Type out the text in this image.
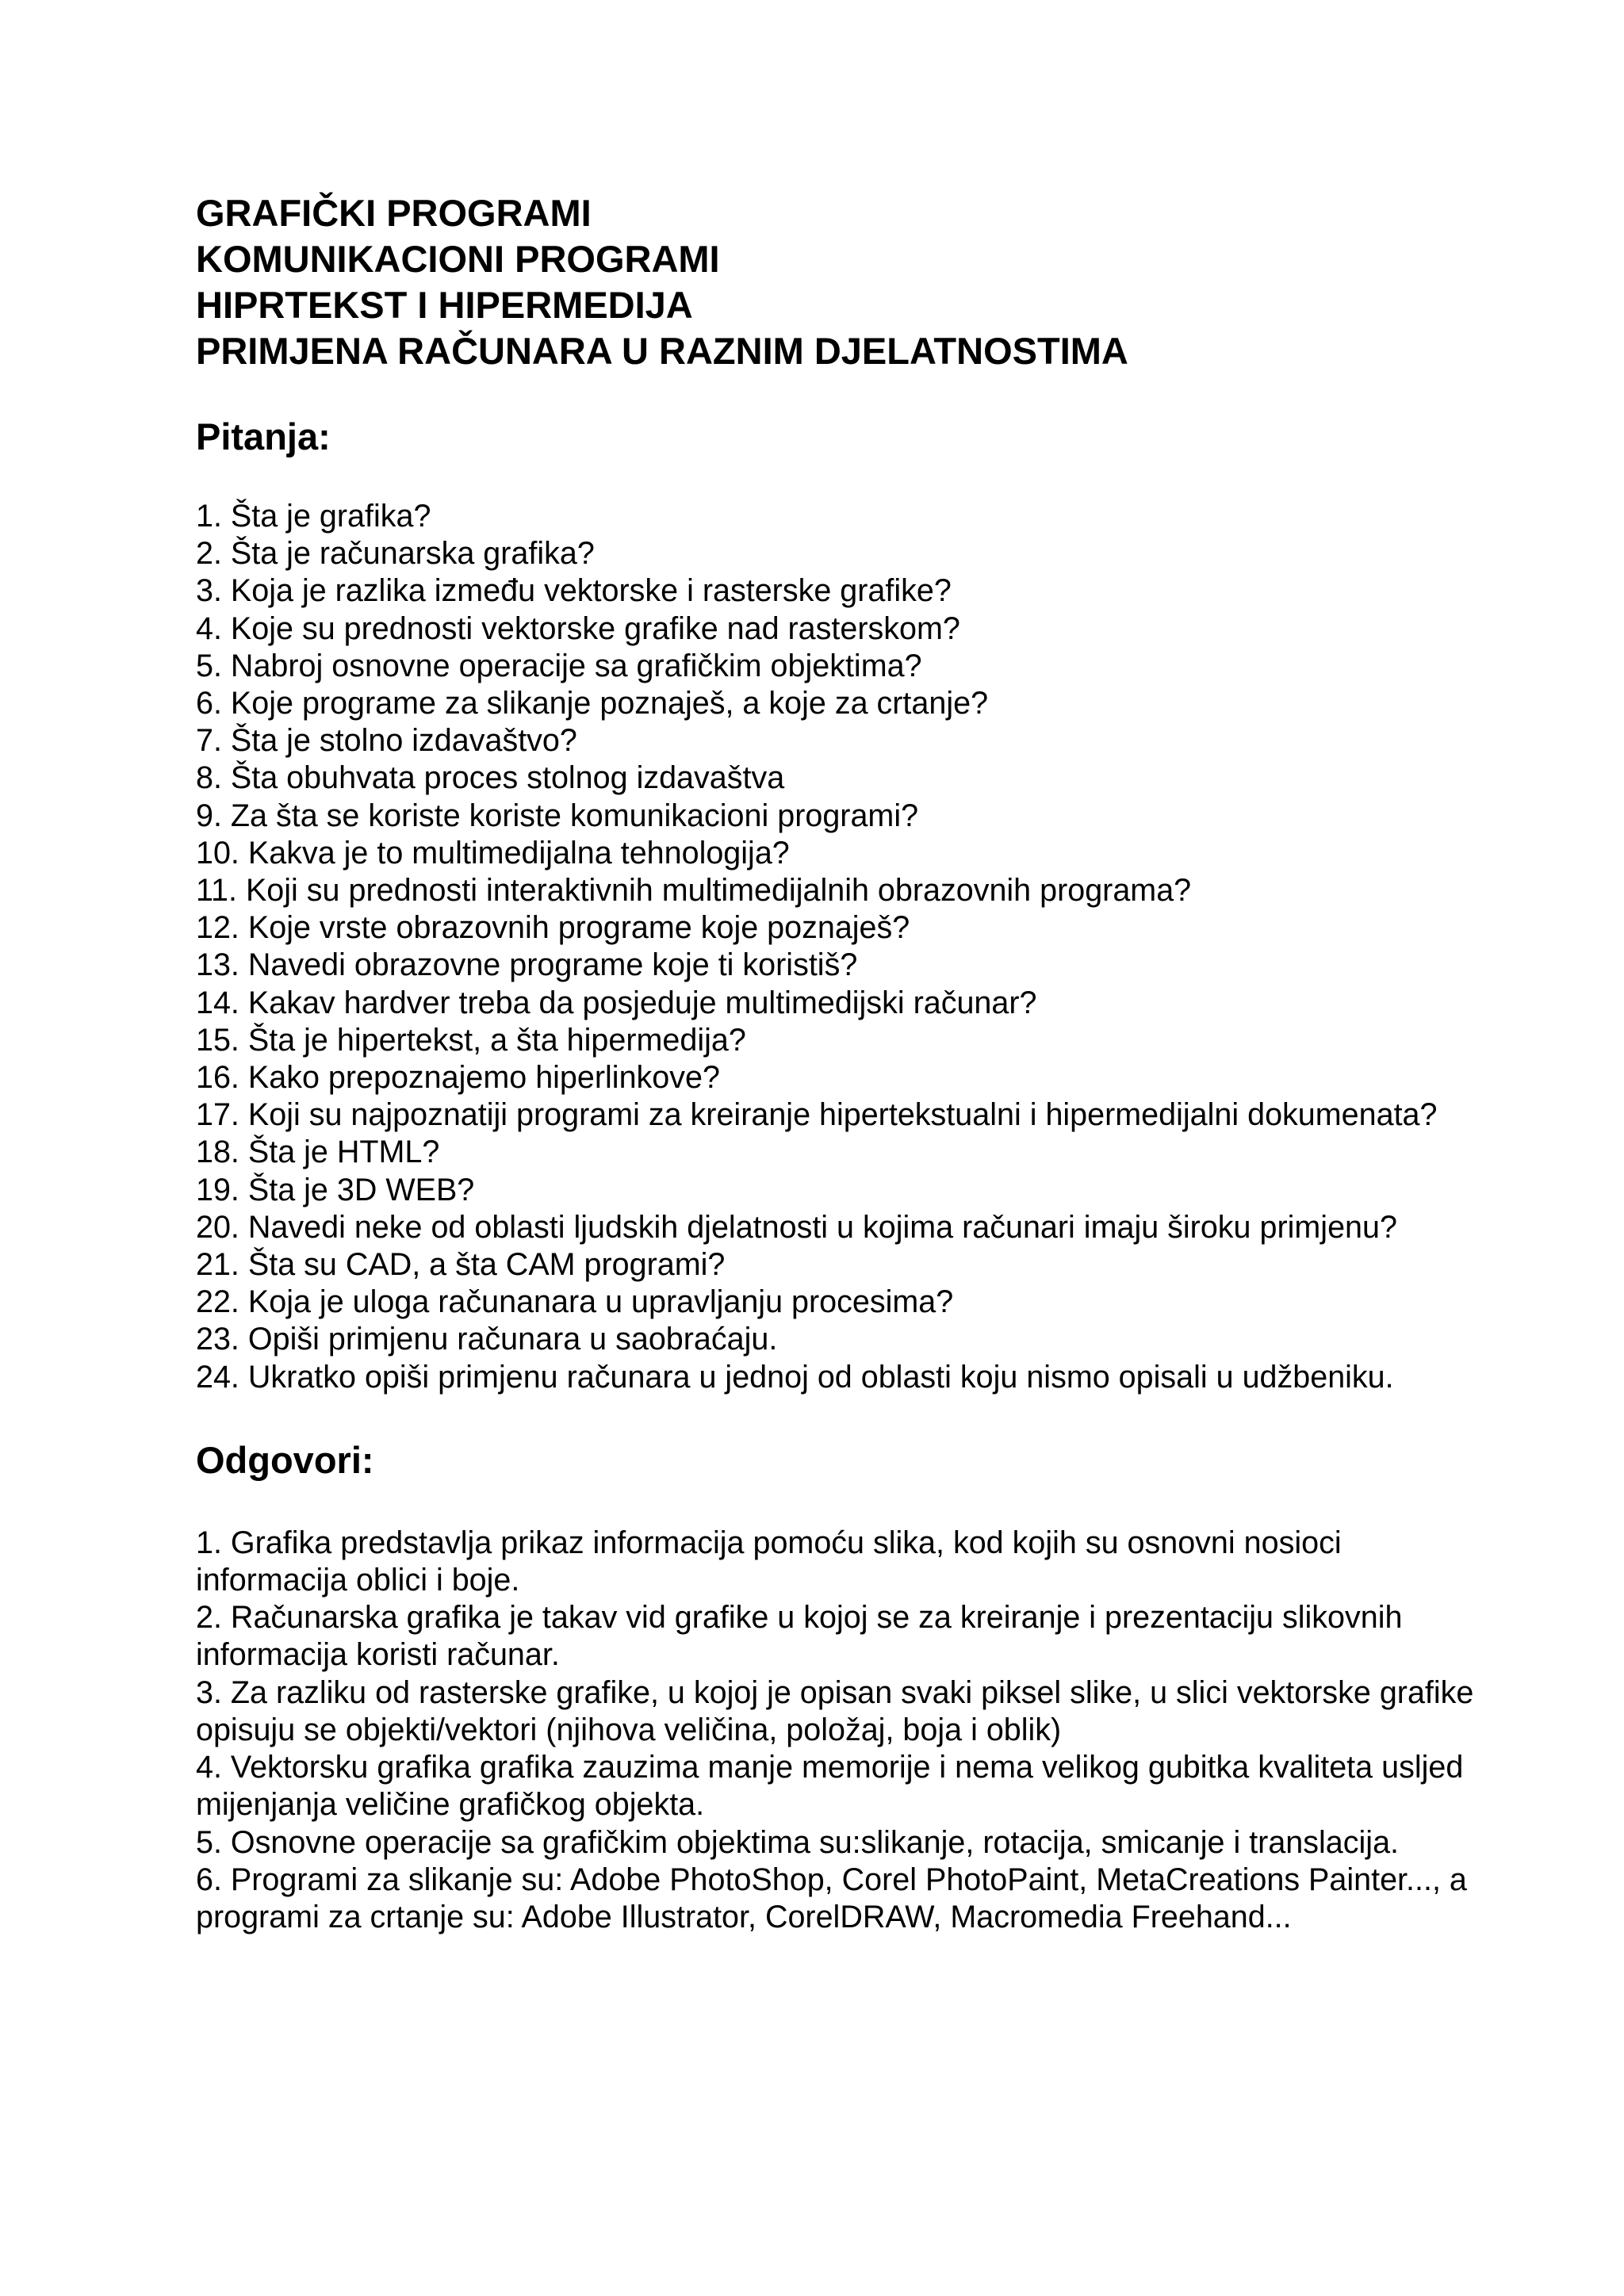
GRAFIČKI PROGRAMI
KOMUNIKACIONI PROGRAMI
HIPRTEKST I HIPERMEDIJA
PRIMJENA RAČUNARA U RAZNIM DJELATNOSTIMA
Pitanja:
1. Šta je grafika?
2. Šta je računarska grafika?
3. Koja je razlika između vektorske i rasterske grafike?
4. Koje su prednosti vektorske grafike nad rasterskom?
5. Nabroj osnovne operacije sa grafičkim objektima?
6. Koje programe za slikanje poznaješ, a koje za crtanje?
7. Šta je stolno izdavaštvo?
8. Šta obuhvata proces stolnog izdavaštva
9. Za šta se koriste koriste komunikacioni programi?
10. Kakva je to multimedijalna tehnologija?
11. Koji su prednosti interaktivnih multimedijalnih obrazovnih programa?
12. Koje vrste obrazovnih programe koje poznaješ?
13. Navedi obrazovne programe koje ti koristiš?
14. Kakav hardver treba da posjeduje multimedijski računar?
15. Šta je hipertekst, a šta hipermedija?
16. Kako prepoznajemo hiperlinkove?
17. Koji su najpoznatiji programi za kreiranje hipertekstualni i hipermedijalni dokumenata?
18. Šta je HTML?
19. Šta je 3D WEB?
20. Navedi neke od oblasti ljudskih djelatnosti u kojima računari imaju široku primjenu?
21. Šta su CAD, a šta CAM programi?
22. Koja je uloga računanara u upravljanju procesima?
23. Opiši primjenu računara u saobraćaju.
24. Ukratko opiši primjenu računara u jednoj od oblasti koju nismo opisali u udžbeniku.
Odgovori:
1. Grafika predstavlja prikaz informacija pomoću slika, kod kojih su osnovni nosioci informacija oblici i boje.
2. Računarska grafika je takav vid grafike u kojoj se za kreiranje i prezentaciju slikovnih informacija koristi računar.
3. Za razliku od rasterske grafike, u kojoj je opisan svaki piksel slike, u slici vektorske grafike opisuju se objekti/vektori (njihova veličina, položaj, boja i oblik)
4. Vektorsku grafika grafika zauzima manje memorije i nema velikog gubitka kvaliteta usljed mijenjanja veličine grafičkog objekta.
5. Osnovne operacije sa grafičkim objektima su:slikanje, rotacija, smicanje i translacija.
6. Programi za slikanje su: Adobe PhotoShop, Corel PhotoPaint, MetaCreations Painter..., a programi za crtanje su: Adobe Illustrator, CorelDRAW, Macromedia Freehand...
